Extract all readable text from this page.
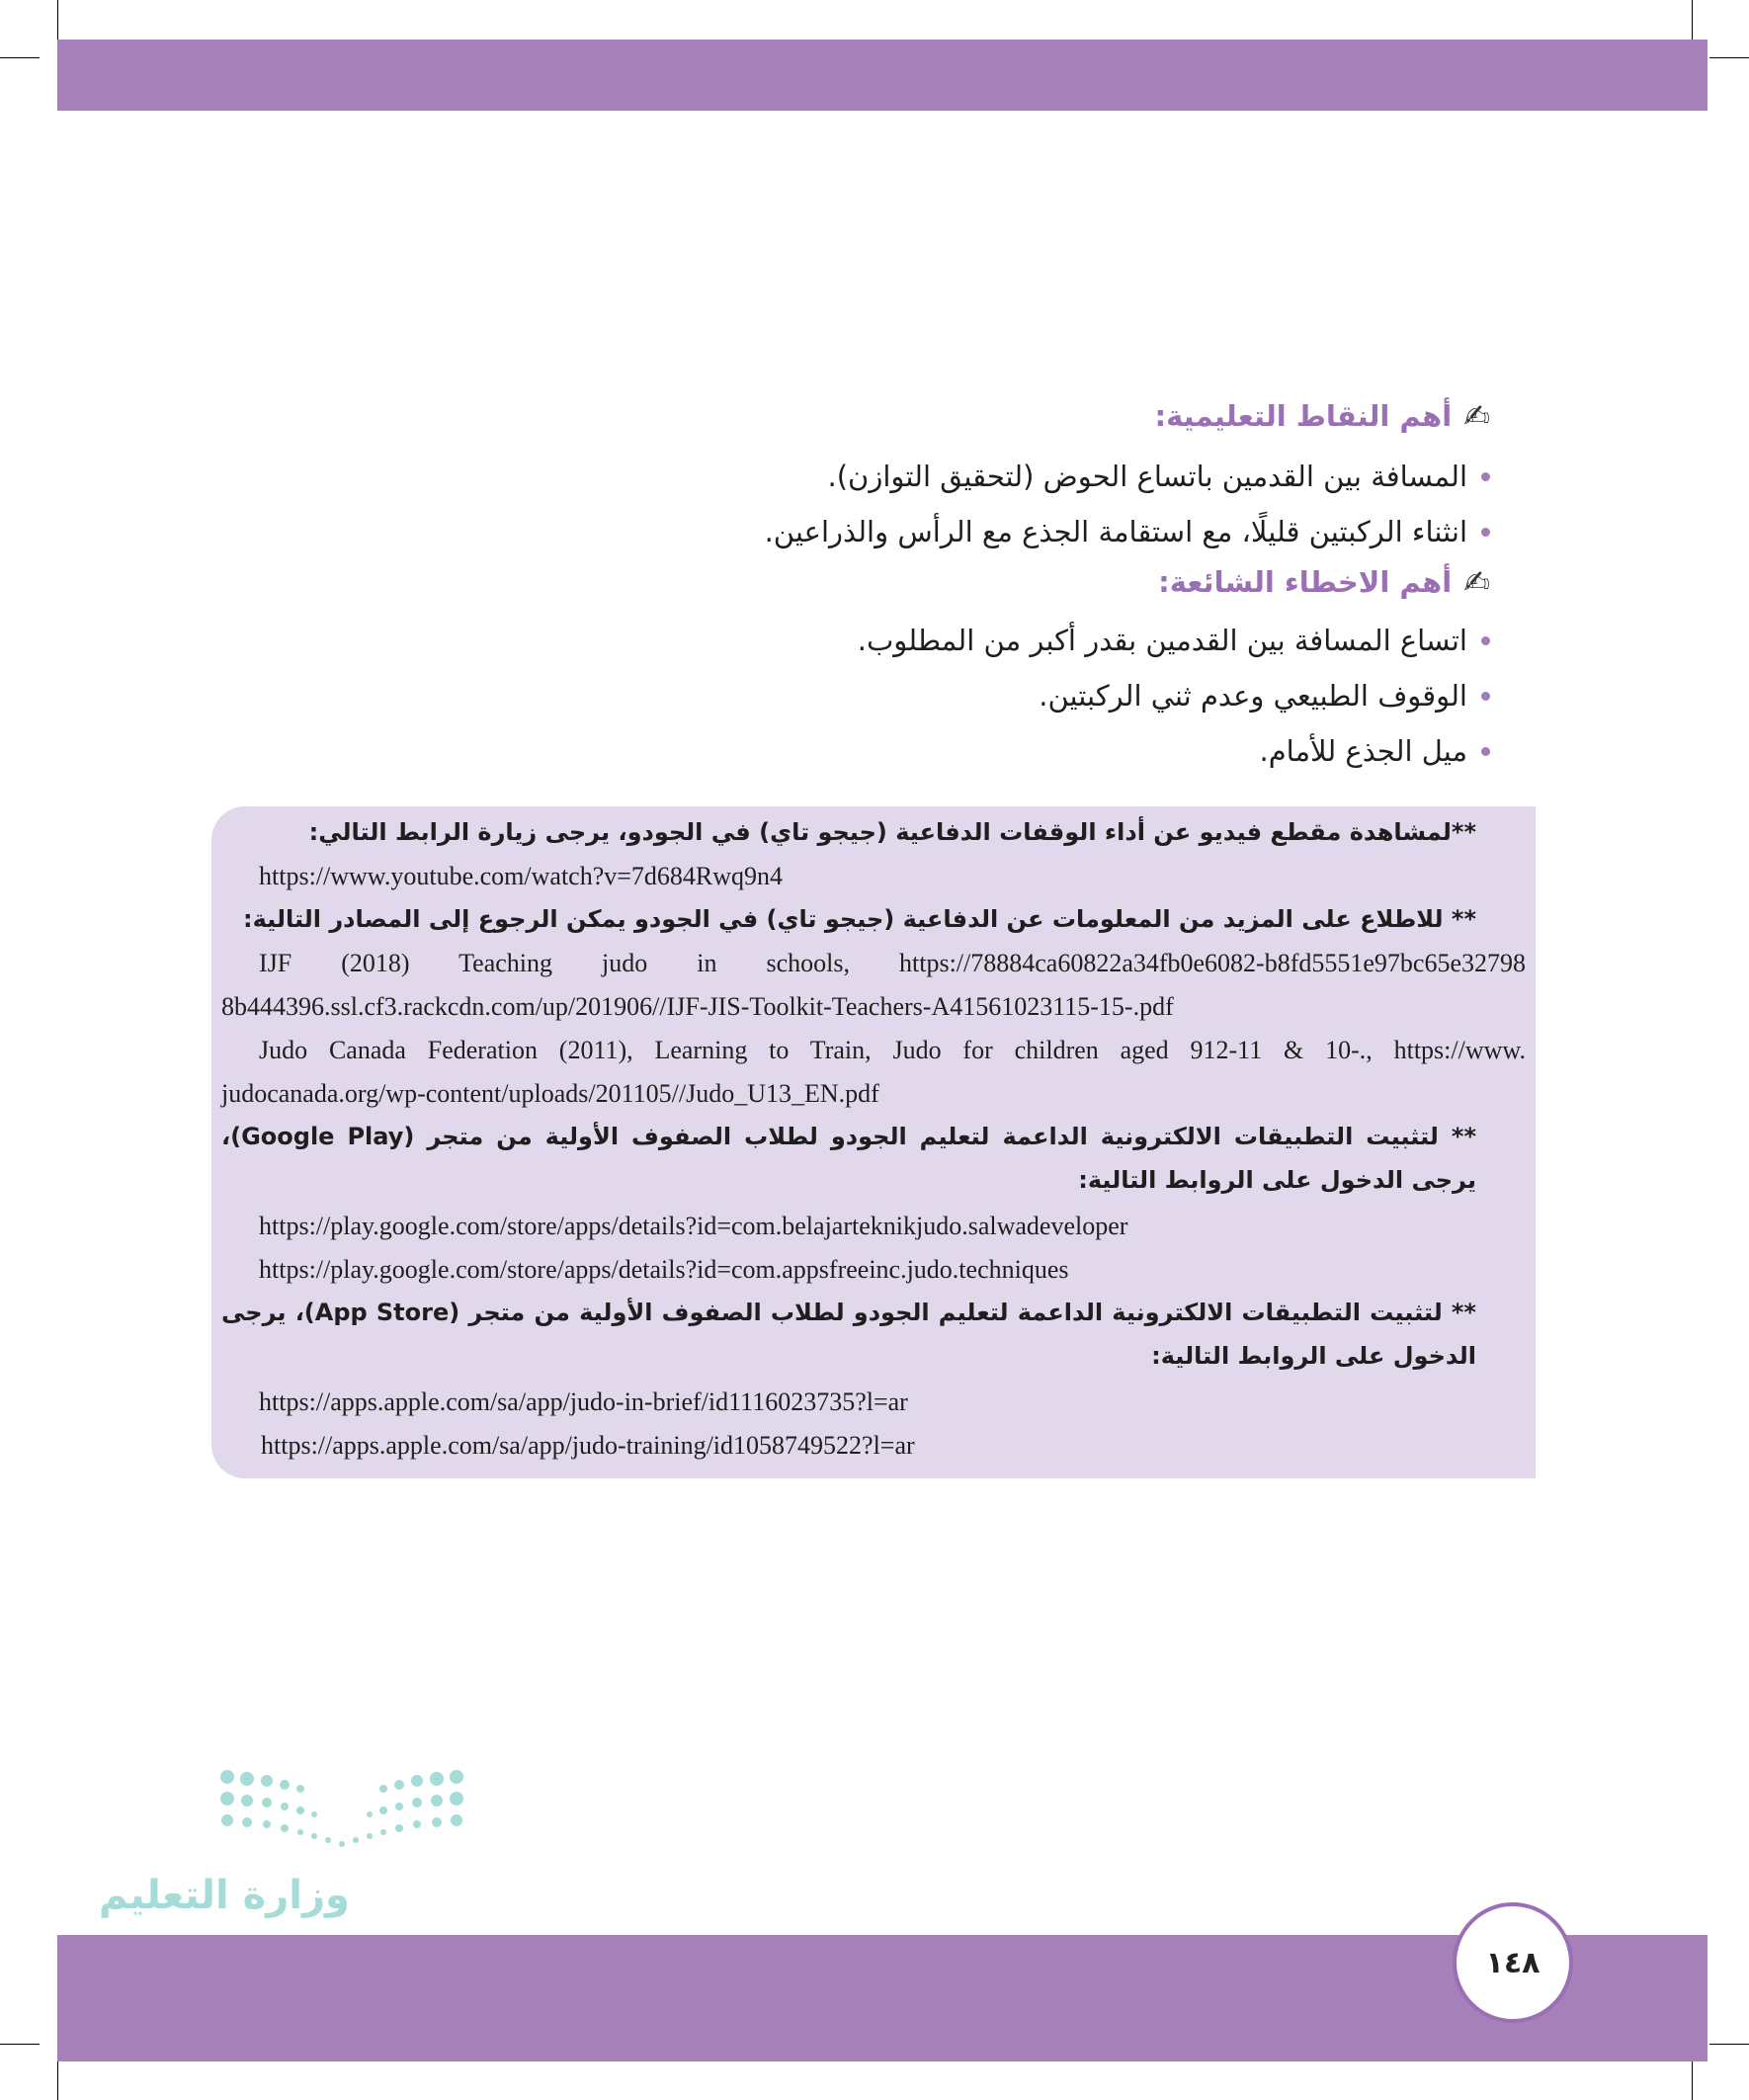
✍
أهم النقاط التعليمية:
المسافة بين القدمين باتساع الحوض (لتحقيق التوازن).
انثناء الركبتين قليلًا، مع استقامة الجذع مع الرأس والذراعين.
✍
أهم الاخطاء الشائعة:
اتساع المسافة بين القدمين بقدر أكبر من المطلوب.
الوقوف الطبيعي وعدم ثني الركبتين.
ميل الجذع للأمام.
**لمشاهدة مقطع فيديو عن أداء الوقفات الدفاعية (جيجو تاي) في الجودو، يرجى زيارة الرابط التالي:
https://www.youtube.com/watch?v=7d684Rwq9n4
** للاطلاع على المزيد من المعلومات عن الدفاعية (جيجو تاي) في الجودو يمكن الرجوع إلى المصادر التالية:
IJF (2018) Teaching judo in schools, https://78884ca60822a34fb0e6082-b8fd5551e97bc65e32798
8b444396.ssl.cf3.rackcdn.com/up/201906//IJF-JIS-Toolkit-Teachers-A41561023115-15-.pdf
Judo Canada Federation (2011), Learning to Train, Judo for children aged 912-11 & 10-., https://www.
judocanada.org/wp-content/uploads/201105//Judo_U13_EN.pdf
** لتثبيت التطبيقات الالكترونية الداعمة لتعليم الجودو لطلاب الصفوف الأولية من متجر (Google Play)، يرجى الدخول على الروابط التالية:
https://play.google.com/store/apps/details?id=com.belajarteknikjudo.salwadeveloper
https://play.google.com/store/apps/details?id=com.appsfreeinc.judo.techniques
** لتثبيت التطبيقات الالكترونية الداعمة لتعليم الجودو لطلاب الصفوف الأولية من متجر (App Store)، يرجى الدخول على الروابط التالية:
https://apps.apple.com/sa/app/judo-in-brief/id1116023735?l=ar
https://apps.apple.com/sa/app/judo-training/id1058749522?l=ar
وزارة التعليم
١٤٨
